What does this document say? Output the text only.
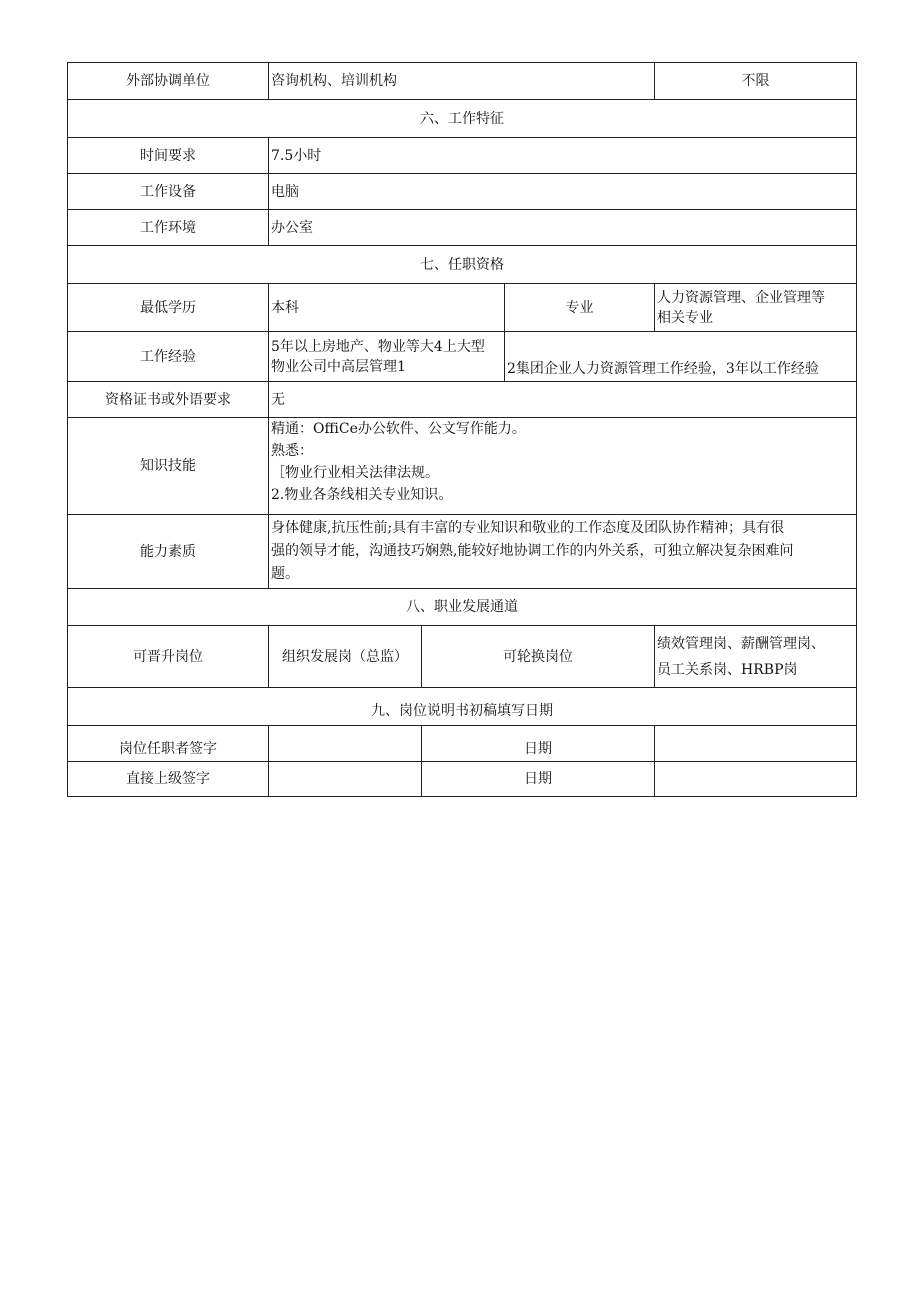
外部协调单位	咨询机构、培训机构			不限
六、工作特征				
时间要求	7.5小时			
工作设备	电脑			
工作环境	办公室			
七、任职资格				
最低学历	本科		专业	人力资源管理、企业管理等
相关专业

工作经验	5年以上房地产、物业等大4上大型
物业公司中高层管理1			

			2集团企业人力资源管理工作经验，3年以工作经验	
资格证书或外语要求	无			
知识技能	精通：OffiCe办公软件、公文写作能力。
熟悉：
［物业行业相关法律法规。
2.物业各条线相关专业知识。			

能力素质	身体健康,抗压性前;具有丰富的专业知识和敬业的工作态度及团队协作精神；具有很
强的领导才能，沟通技巧娴熟,能较好地协调工作的内外关系，可独立解决复杂困难问
题。			

八、职业发展通道				
可晋升岗位	组织发展岗（总监）	可轮换岗位		绩效管理岗、薪酬管理岗、
员工关系岗、HRBP岗

九、岗位说明书初稿填写日期				
岗位任职者签字		日期		
直接上级签字		日期		
